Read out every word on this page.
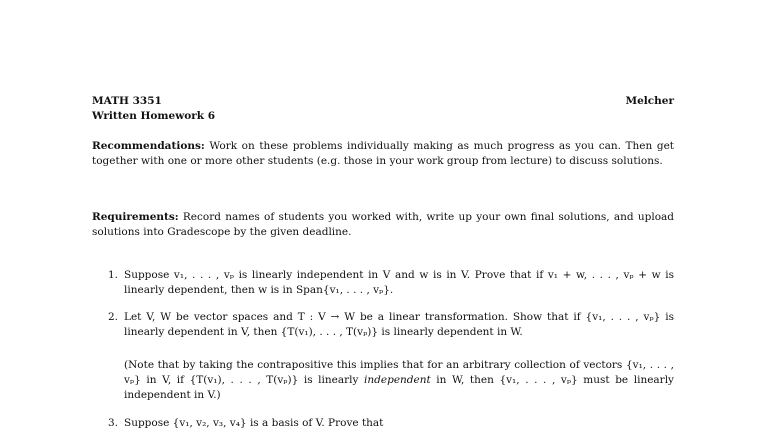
MATH 3351	Melcher
Written Homework 6
Recommendations: Work on these problems individually making as much progress as you can. Then get together with one or more other students (e.g. those in your work group from lecture) to discuss solutions.
Requirements: Record names of students you worked with, write up your own final solutions, and upload solutions into Gradescope by the given deadline.
1. Suppose v₁, . . . , vₚ is linearly independent in V and w is in V. Prove that if v₁ + w, . . . , vₚ + w is linearly dependent, then w is in Span{v₁, . . . , vₚ}.
2. Let V, W be vector spaces and T : V → W be a linear transformation. Show that if {v₁, . . . , vₚ} is linearly dependent in V, then {T(v₁), . . . , T(vₚ)} is linearly dependent in W.
(Note that by taking the contrapositive this implies that for an arbitrary collection of vectors {v₁, . . . , vₚ} in V, if {T(v₁), . . . , T(vₚ)} is linearly independent in W, then {v₁, . . . , vₚ} must be linearly independent in V.)
3. Suppose {v₁, v₂, v₃, v₄} is a basis of V. Prove that
